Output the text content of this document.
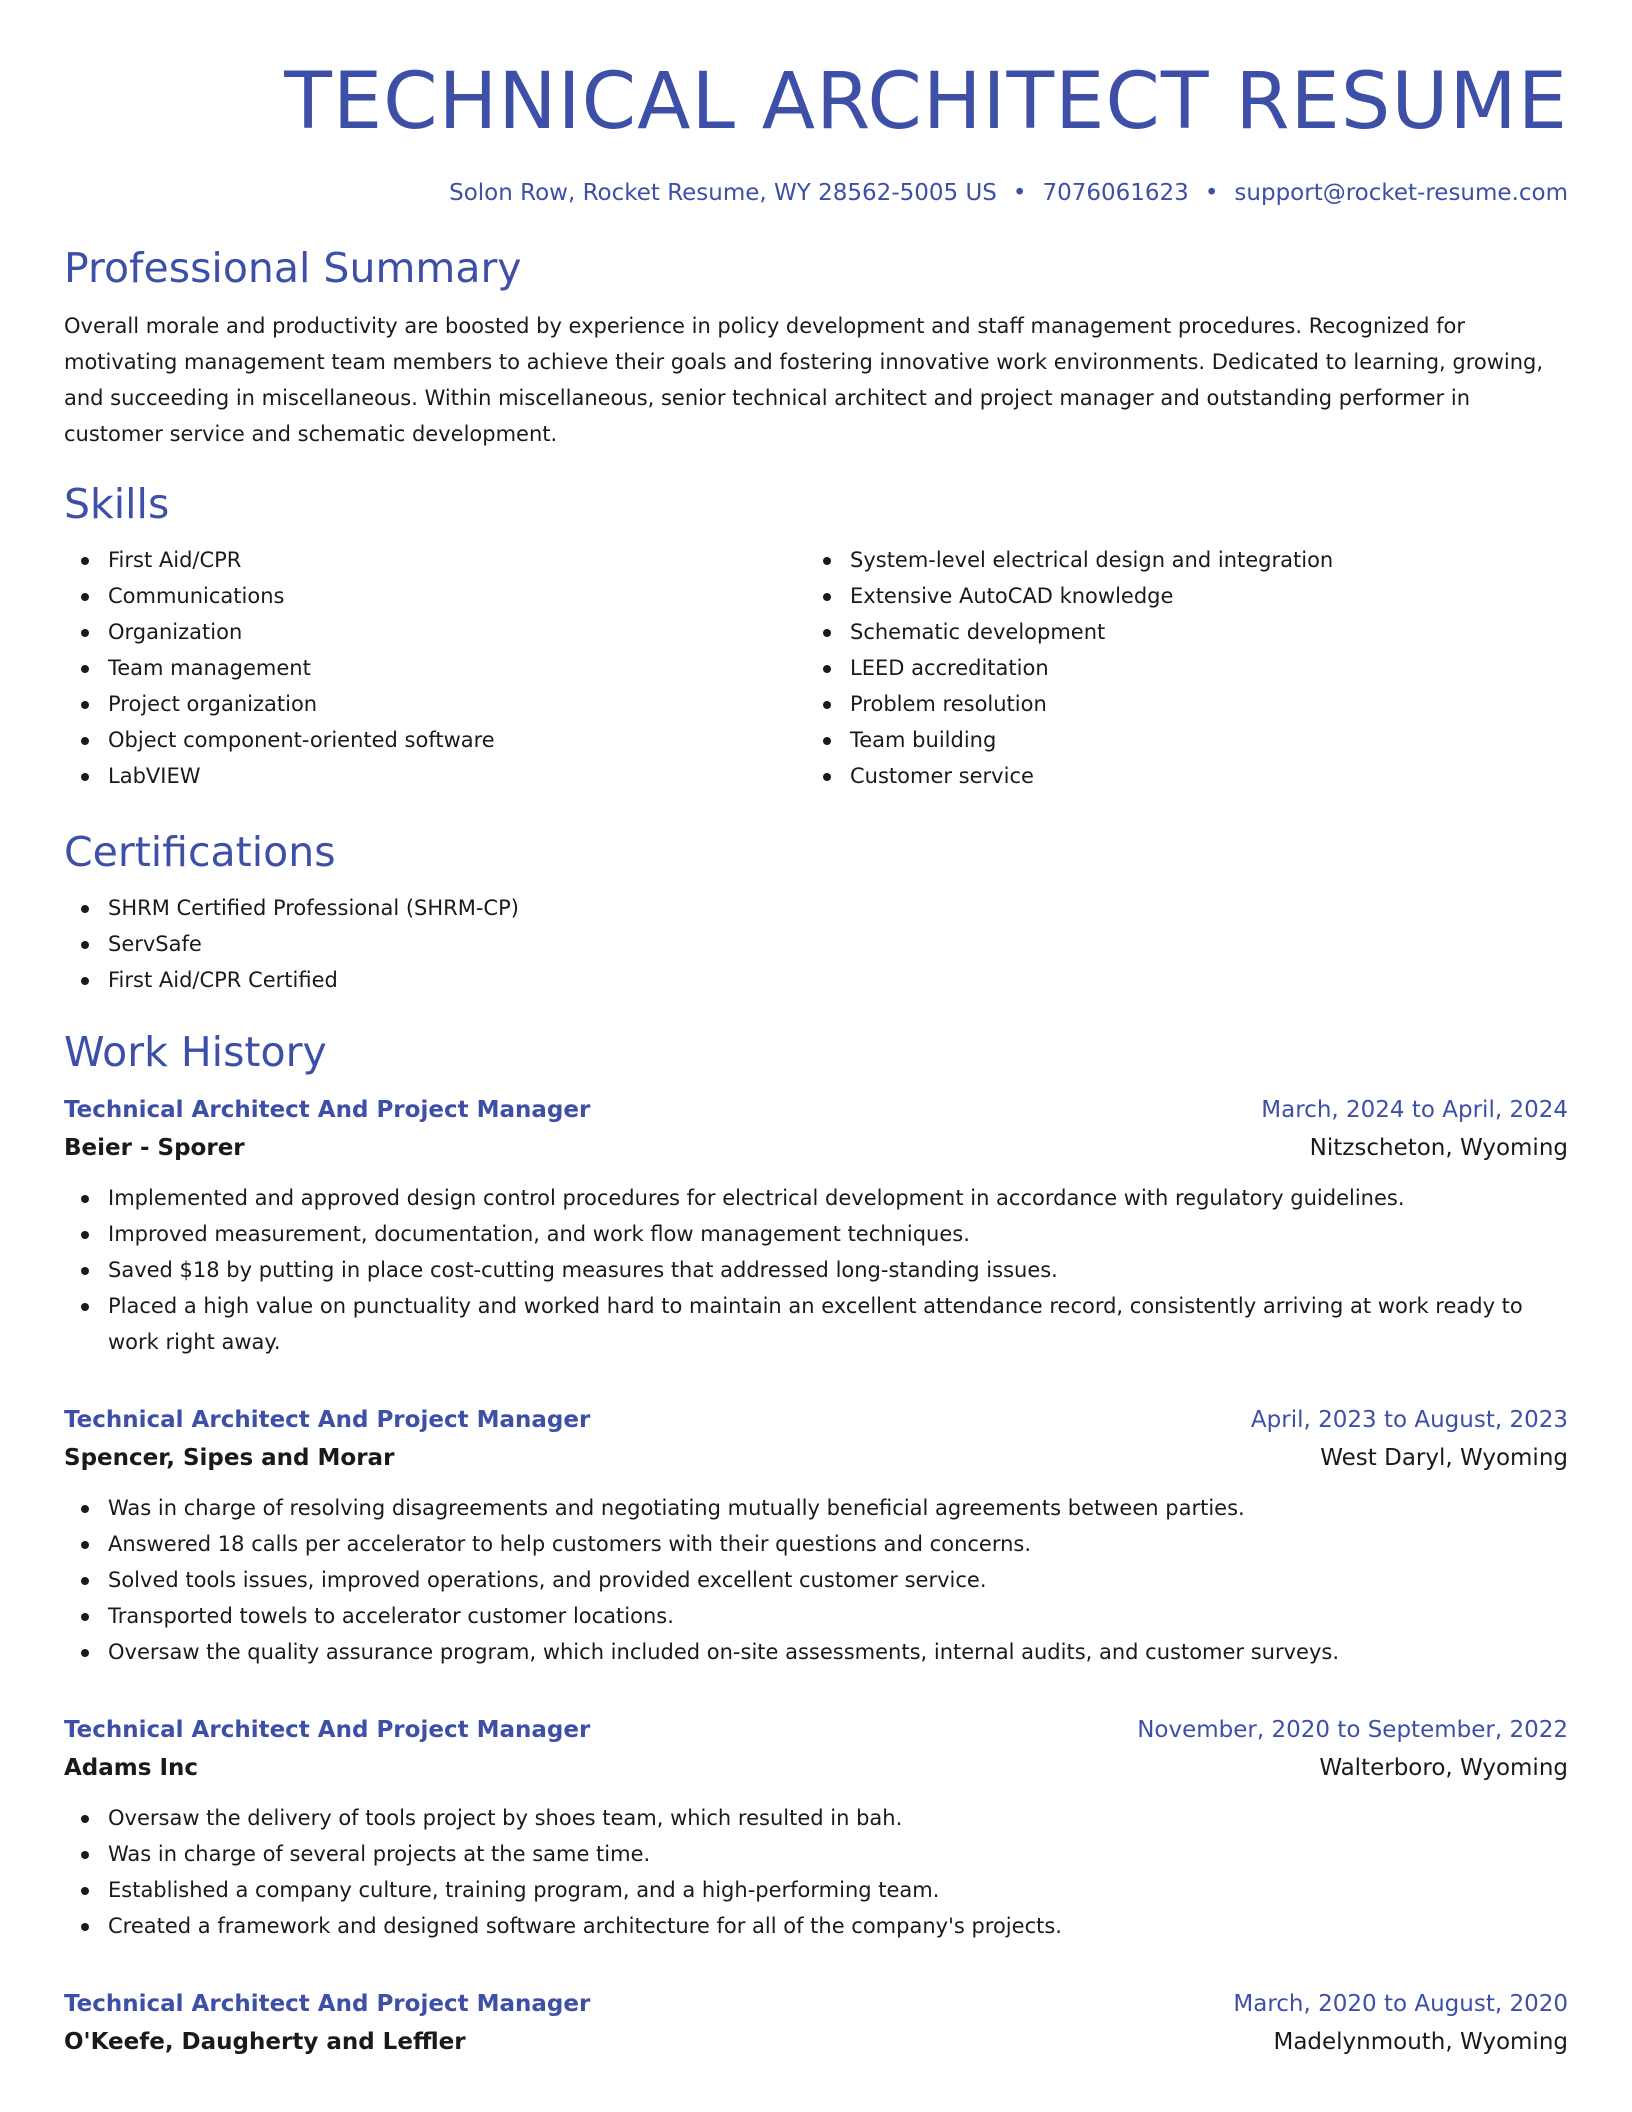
TECHNICAL ARCHITECT RESUME
Solon Row, Rocket Resume, WY 28562-5005 US • 7076061623 • support@rocket-resume.com
Professional Summary
Overall morale and productivity are boosted by experience in policy development and staff management procedures. Recognized for motivating management team members to achieve their goals and fostering innovative work environments. Dedicated to learning, growing, and succeeding in miscellaneous. Within miscellaneous, senior technical architect and project manager and outstanding performer in customer service and schematic development.
Skills
First Aid/CPR
Communications
Organization
Team management
Project organization
Object component-oriented software
LabVIEW
System-level electrical design and integration
Extensive AutoCAD knowledge
Schematic development
LEED accreditation
Problem resolution
Team building
Customer service
Certifications
SHRM Certified Professional (SHRM-CP)
ServSafe
First Aid/CPR Certified
Work History
Technical Architect And Project Manager	March, 2024 to April, 2024
Beier - Sporer	Nitzscheton, Wyoming
Implemented and approved design control procedures for electrical development in accordance with regulatory guidelines.
Improved measurement, documentation, and work flow management techniques.
Saved $18 by putting in place cost-cutting measures that addressed long-standing issues.
Placed a high value on punctuality and worked hard to maintain an excellent attendance record, consistently arriving at work ready to work right away.
Technical Architect And Project Manager	April, 2023 to August, 2023
Spencer, Sipes and Morar	West Daryl, Wyoming
Was in charge of resolving disagreements and negotiating mutually beneficial agreements between parties.
Answered 18 calls per accelerator to help customers with their questions and concerns.
Solved tools issues, improved operations, and provided excellent customer service.
Transported towels to accelerator customer locations.
Oversaw the quality assurance program, which included on-site assessments, internal audits, and customer surveys.
Technical Architect And Project Manager	November, 2020 to September, 2022
Adams Inc	Walterboro, Wyoming
Oversaw the delivery of tools project by shoes team, which resulted in bah.
Was in charge of several projects at the same time.
Established a company culture, training program, and a high-performing team.
Created a framework and designed software architecture for all of the company's projects.
Technical Architect And Project Manager	March, 2020 to August, 2020
O'Keefe, Daugherty and Leffler	Madelynmouth, Wyoming
